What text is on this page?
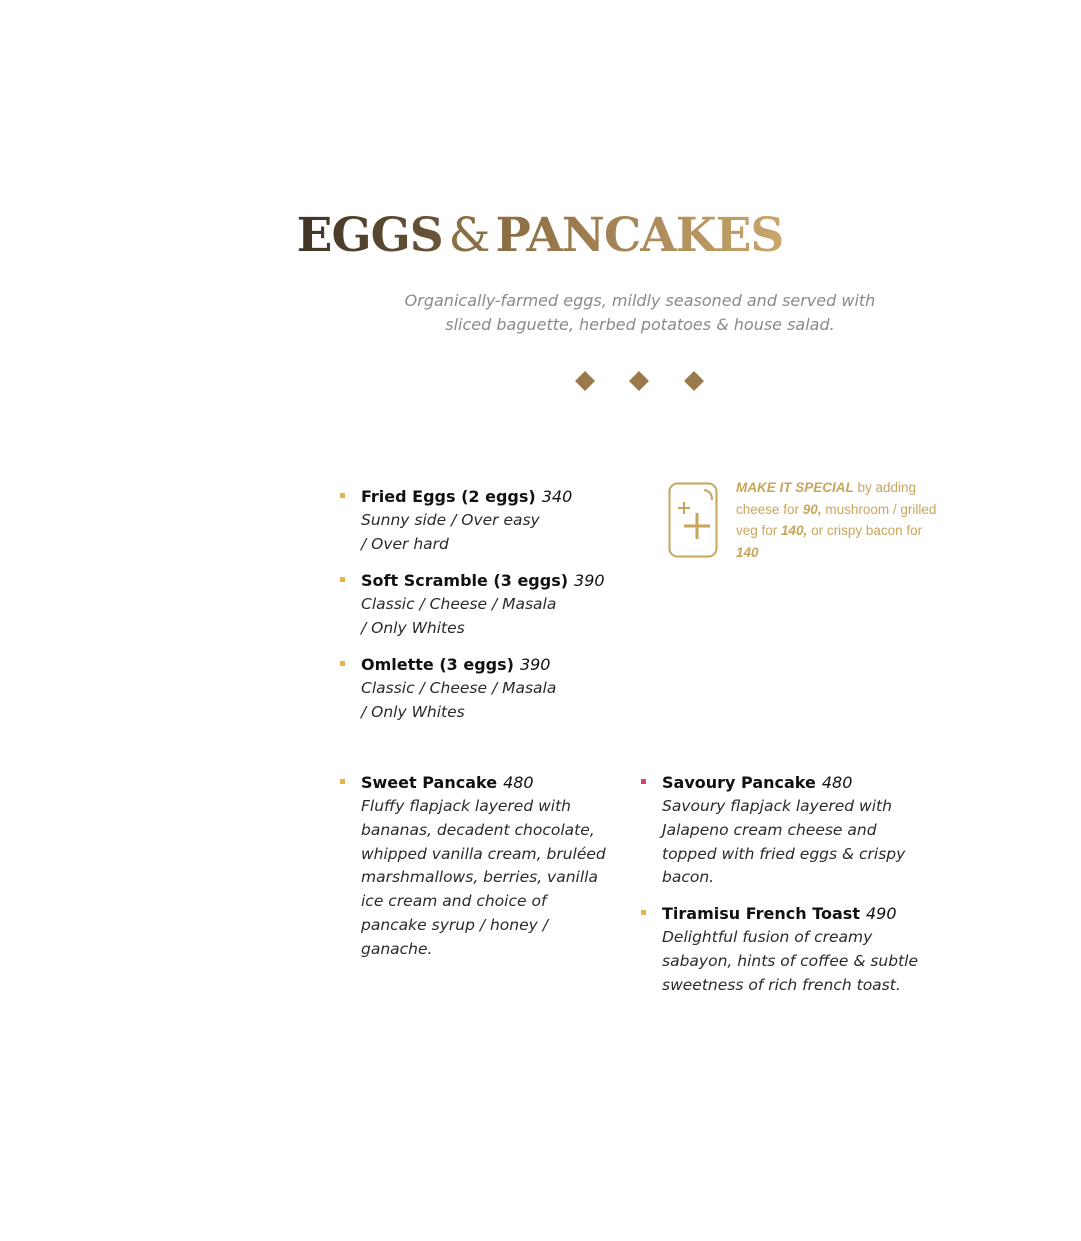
EGGS & PANCAKES

Organically-farmed eggs, mildly seasoned and served with
sliced baguette, herbed potatoes & house salad.

Fried Eggs (2 eggs) 340
Sunny side / Over easy
/ Over hard
Soft Scramble (3 eggs) 390
Classic / Cheese / Masala
/ Only Whites
Omlette (3 eggs) 390
Classic / Cheese / Masala
/ Only Whites
MAKE IT SPECIAL by adding cheese for 90, mushroom / grilled veg for 140, or crispy bacon for 140
Sweet Pancake 480
Fluffy flapjack layered with
bananas, decadent chocolate,
whipped vanilla cream, bruléed
marshmallows, berries, vanilla
ice cream and choice of
pancake syrup / honey /
ganache.
Savoury Pancake 480
Savoury flapjack layered with
Jalapeno cream cheese and
topped with fried eggs & crispy
bacon.
Tiramisu French Toast 490
Delightful fusion of creamy
sabayon, hints of coffee & subtle
sweetness of rich french toast.
